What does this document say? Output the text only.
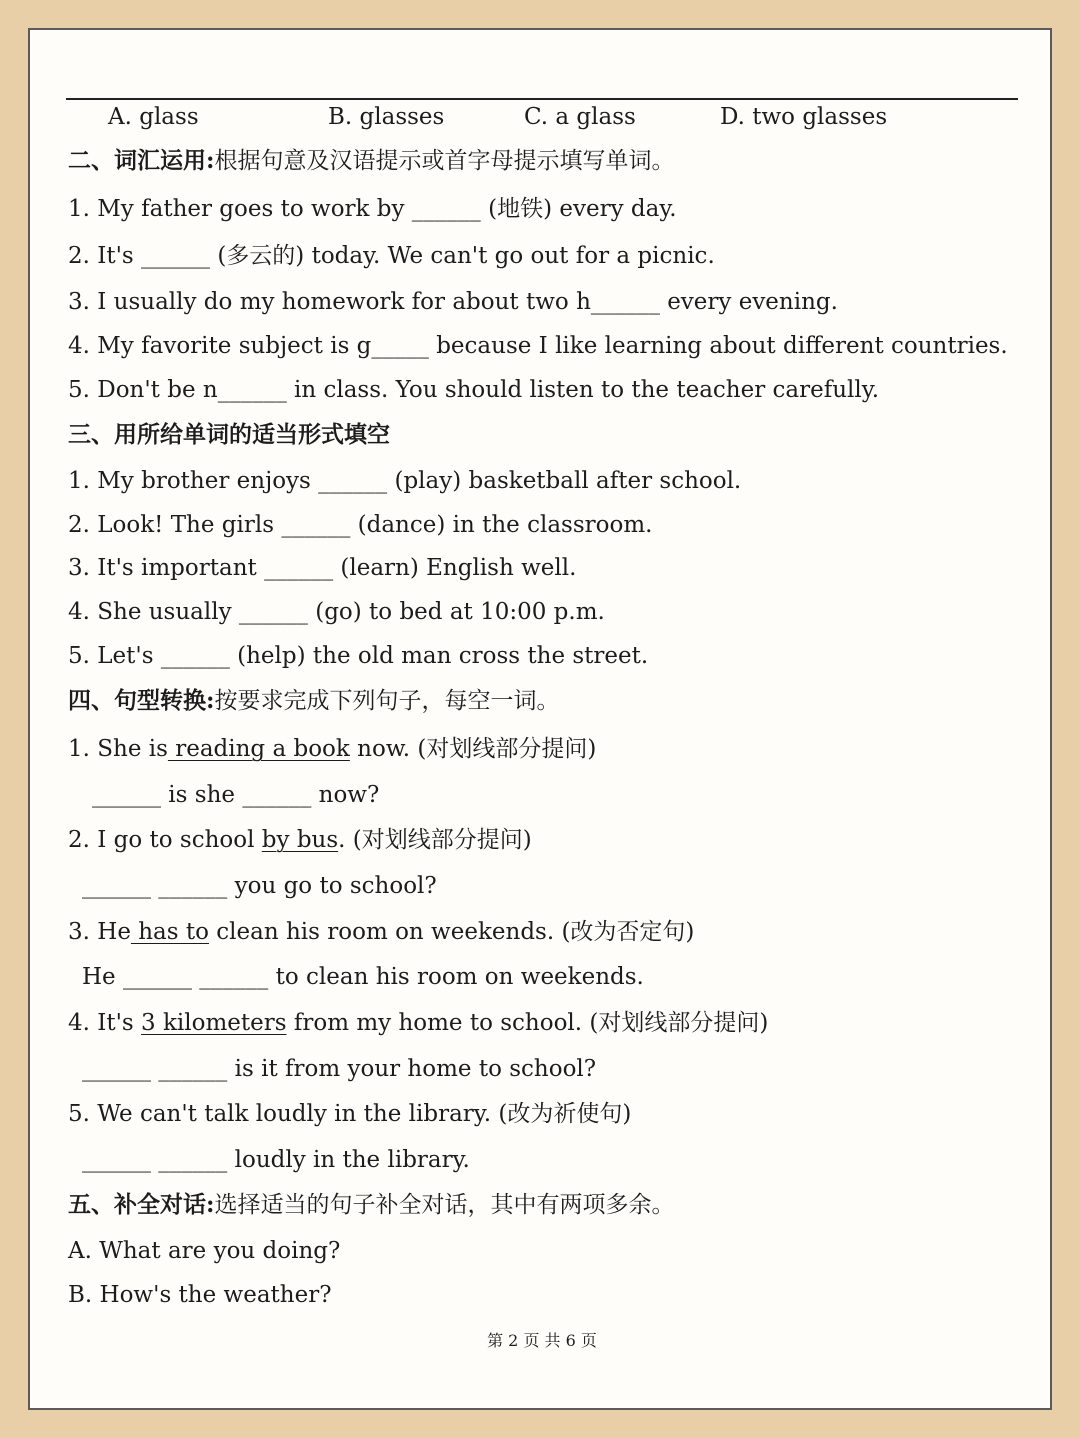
A. glass	B. glasses	C. a glass	D. two glasses
二、词汇运用:根据句意及汉语提示或首字母提示填写单词。
1. My father goes to work by ______ (地铁) every day.
2. It's ______ (多云的) today. We can't go out for a picnic.
3. I usually do my homework for about two h______ every evening.
4. My favorite subject is g_____ because I like learning about different countries.
5. Don't be n______ in class. You should listen to the teacher carefully.
三、用所给单词的适当形式填空
1. My brother enjoys ______ (play) basketball after school.
2. Look! The girls ______ (dance) in the classroom.
3. It's important ______ (learn) English well.
4. She usually ______ (go) to bed at 10:00 p.m.
5. Let's ______ (help) the old man cross the street.
四、句型转换:按要求完成下列句子，每空一词。
1. She is reading a book now. (对划线部分提问)
______ is she ______ now?
2. I go to school by bus. (对划线部分提问)
______ ______ you go to school?
3. He has to clean his room on weekends. (改为否定句)
He ______ ______ to clean his room on weekends.
4. It's 3 kilometers from my home to school. (对划线部分提问)
______ ______ is it from your home to school?
5. We can't talk loudly in the library. (改为祈使句)
______ ______ loudly in the library.
五、补全对话:选择适当的句子补全对话，其中有两项多余。
A. What are you doing?
B. How's the weather?
第 2 页 共 6 页
